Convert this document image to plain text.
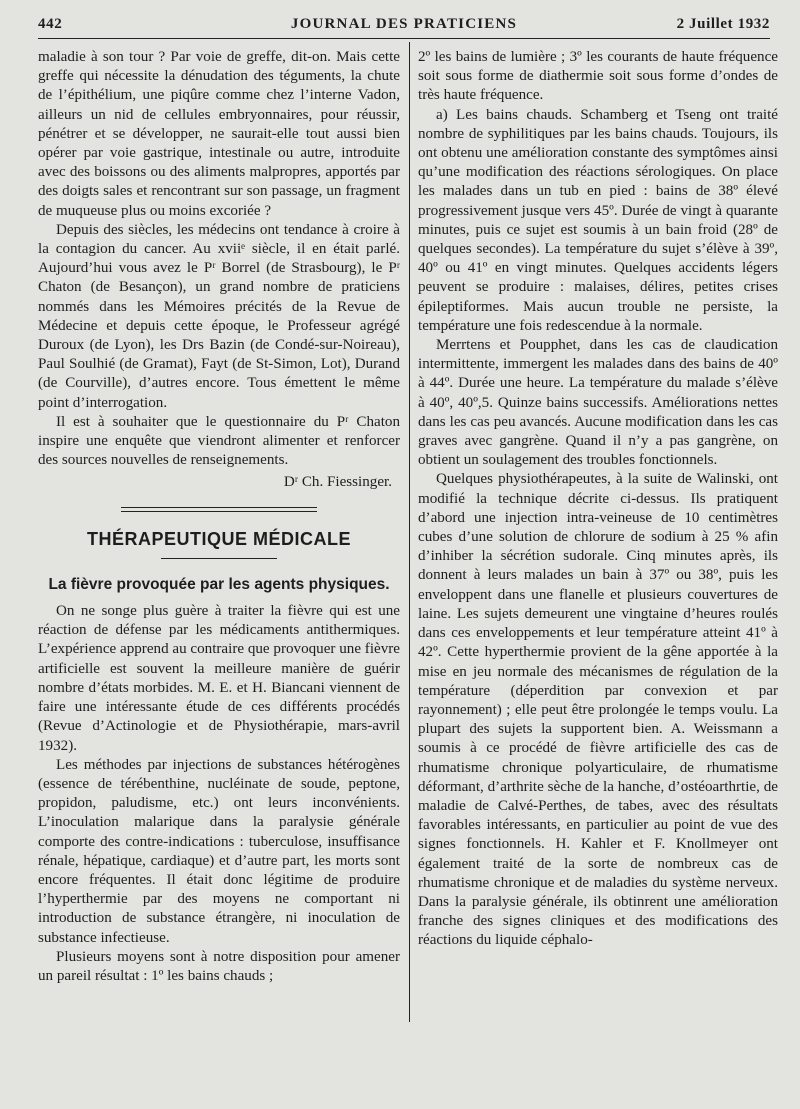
442	JOURNAL DES PRATICIENS	2 Juillet 1932

maladie à son tour ? Par voie de greffe, dit-on. Mais cette greffe qui nécessite la dénudation des téguments, la chute de l’épithélium, une piqûre comme chez l’interne Vadon, ailleurs un nid de cellules embryonnaires, pour réussir, pénétrer et se développer, ne saurait-elle tout aussi bien opérer par voie gastrique, intestinale ou autre, introduite avec des boissons ou des aliments malpropres, apportés par des doigts sales et rencontrant sur son passage, un fragment de muqueuse plus ou moins excoriée ?

Depuis des siècles, les médecins ont tendance à croire à la contagion du cancer. Au xviiᵉ siècle, il en était parlé. Aujourd’hui vous avez le Pʳ Borrel (de Strasbourg), le Pʳ Chaton (de Besançon), un grand nombre de praticiens nommés dans les Mémoires précités de la Revue de Médecine et depuis cette époque, le Professeur agrégé Duroux (de Lyon), les Drs Bazin (de Condé-sur-Noireau), Paul Soulhié (de Gramat), Fayt (de St-Simon, Lot), Durand (de Courville), d’autres encore. Tous émettent le même point d’interrogation.

Il est à souhaiter que le questionnaire du Pʳ Chaton inspire une enquête que viendront alimenter et renforcer des sources nouvelles de renseignements.

Dʳ Ch. Fiessinger.

THÉRAPEUTIQUE MÉDICALE

La fièvre provoquée par les agents physiques.

On ne songe plus guère à traiter la fièvre qui est une réaction de défense par les médicaments antithermiques. L’expérience apprend au contraire que provoquer une fièvre artificielle est souvent la meilleure manière de guérir nombre d’états morbides. M. E. et H. Biancani viennent de faire une intéressante étude de ces différents procédés (Revue d’Actinologie et de Physiothérapie, mars-avril 1932).

Les méthodes par injections de substances hétérogènes (essence de térébenthine, nucléinate de soude, peptone, propidon, paludisme, etc.) ont leurs inconvénients. L’inoculation malarique dans la paralysie générale comporte des contre-indications : tuberculose, insuffisance rénale, hépatique, cardiaque) et d’autre part, les morts sont encore fréquentes. Il était donc légitime de produire l’hyperthermie par des moyens ne comportant ni introduction de substance étrangère, ni inoculation de substance infectieuse.

Plusieurs moyens sont à notre disposition pour amener un pareil résultat : 1º les bains chauds ;

2º les bains de lumière ; 3º les courants de haute fréquence soit sous forme de diathermie soit sous forme d’ondes de très haute fréquence.

a) Les bains chauds. Schamberg et Tseng ont traité nombre de syphilitiques par les bains chauds. Toujours, ils ont obtenu une amélioration constante des symptômes ainsi qu’une modification des réactions sérologiques. On place les malades dans un tub en pied : bains de 38º élevé progressivement jusque vers 45º. Durée de vingt à quarante minutes, puis ce sujet est soumis à un bain froid (28º de quelques secondes). La température du sujet s’élève à 39º, 40º ou 41º en vingt minutes. Quelques accidents légers peuvent se produire : malaises, délires, petites crises épileptiformes. Mais aucun trouble ne persiste, la température une fois redescendue à la normale.

Merrtens et Poupphet, dans les cas de claudication intermittente, immergent les malades dans des bains de 40º à 44º. Durée une heure. La température du malade s’élève à 40º, 40º,5. Quinze bains successifs. Améliorations nettes dans les cas peu avancés. Aucune modification dans les cas graves avec gangrène. Quand il n’y a pas gangrène, on obtient un soulagement des troubles fonctionnels.

Quelques physiothérapeutes, à la suite de Walinski, ont modifié la technique décrite ci-dessus. Ils pratiquent d’abord une injection intra-veineuse de 10 centimètres cubes d’une solution de chlorure de sodium à 25 % afin d’inhiber la sécrétion sudorale. Cinq minutes après, ils donnent à leurs malades un bain à 37º ou 38º, puis les enveloppent dans une flanelle et plusieurs couvertures de laine. Les sujets demeurent une vingtaine d’heures roulés dans ces enveloppements et leur température atteint 41º à 42º. Cette hyperthermie provient de la gêne apportée à la mise en jeu normale des mécanismes de régulation de la température (déperdition par convexion et par rayonnement) ; elle peut être prolongée le temps voulu. La plupart des sujets la supportent bien. A. Weissmann a soumis à ce procédé de fièvre artificielle des cas de rhumatisme chronique polyarticulaire, de rhumatisme déformant, d’arthrite sèche de la hanche, d’ostéoarthrtie, de maladie de Calvé-Perthes, de tabes, avec des résultats favorables intéressants, en particulier au point de vue des signes fonctionnels. H. Kahler et F. Knollmeyer ont également traité de la sorte de nombreux cas de rhumatisme chronique et de maladies du système nerveux. Dans la paralysie générale, ils obtinrent une amélioration franche des signes cliniques et des modifications des réactions du liquide céphalo-
